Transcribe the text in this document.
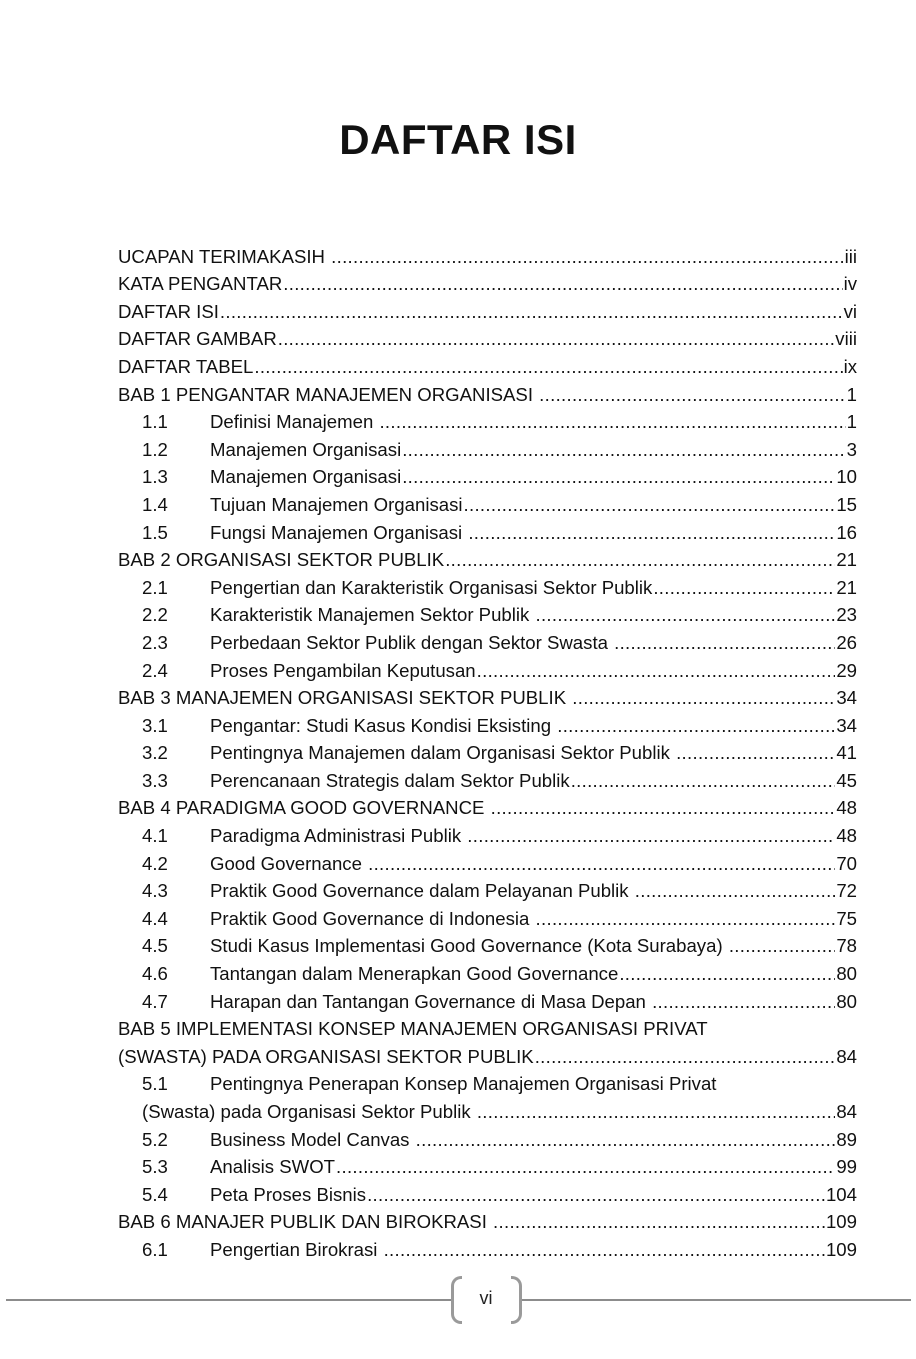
DAFTAR ISI
UCAPAN TERIMAKASIH .....	iii
KATA PENGANTAR .....	iv
DAFTAR ISI .....	vi
DAFTAR GAMBAR .....	viii
DAFTAR TABEL .....	ix
BAB 1 PENGANTAR MANAJEMEN ORGANISASI .....	1
1.1	Definisi Manajemen .....	1
1.2	Manajemen Organisasi .....	3
1.3	Manajemen Organisasi .....	10
1.4	Tujuan Manajemen Organisasi .....	15
1.5	Fungsi Manajemen Organisasi .....	16
BAB 2 ORGANISASI SEKTOR PUBLIK .....	21
2.1	Pengertian dan Karakteristik Organisasi Sektor Publik .....	21
2.2	Karakteristik Manajemen Sektor Publik .....	23
2.3	Perbedaan Sektor Publik dengan Sektor Swasta .....	26
2.4	Proses Pengambilan Keputusan .....	29
BAB 3 MANAJEMEN ORGANISASI SEKTOR PUBLIK .....	34
3.1	Pengantar: Studi Kasus Kondisi Eksisting .....	34
3.2	Pentingnya Manajemen dalam Organisasi Sektor Publik .....	41
3.3	Perencanaan Strategis dalam Sektor Publik .....	45
BAB 4 PARADIGMA GOOD GOVERNANCE .....	48
4.1	Paradigma Administrasi Publik .....	48
4.2	Good Governance .....	70
4.3	Praktik Good Governance dalam Pelayanan Publik .....	72
4.4	Praktik Good Governance di Indonesia .....	75
4.5	Studi Kasus Implementasi Good Governance (Kota Surabaya) .....	78
4.6	Tantangan dalam Menerapkan Good Governance .....	80
4.7	Harapan dan Tantangan Governance di Masa Depan .....	80
BAB 5 IMPLEMENTASI KONSEP MANAJEMEN ORGANISASI PRIVAT
(SWASTA) PADA ORGANISASI SEKTOR PUBLIK .....	84
5.1	Pentingnya Penerapan Konsep Manajemen Organisasi Privat
(Swasta) pada Organisasi Sektor Publik .....	84
5.2	Business Model Canvas .....	89
5.3	Analisis SWOT .....	99
5.4	Peta Proses Bisnis .....	104
BAB 6 MANAJER PUBLIK DAN BIROKRASI .....	109
6.1	Pengertian Birokrasi .....	109
vi
